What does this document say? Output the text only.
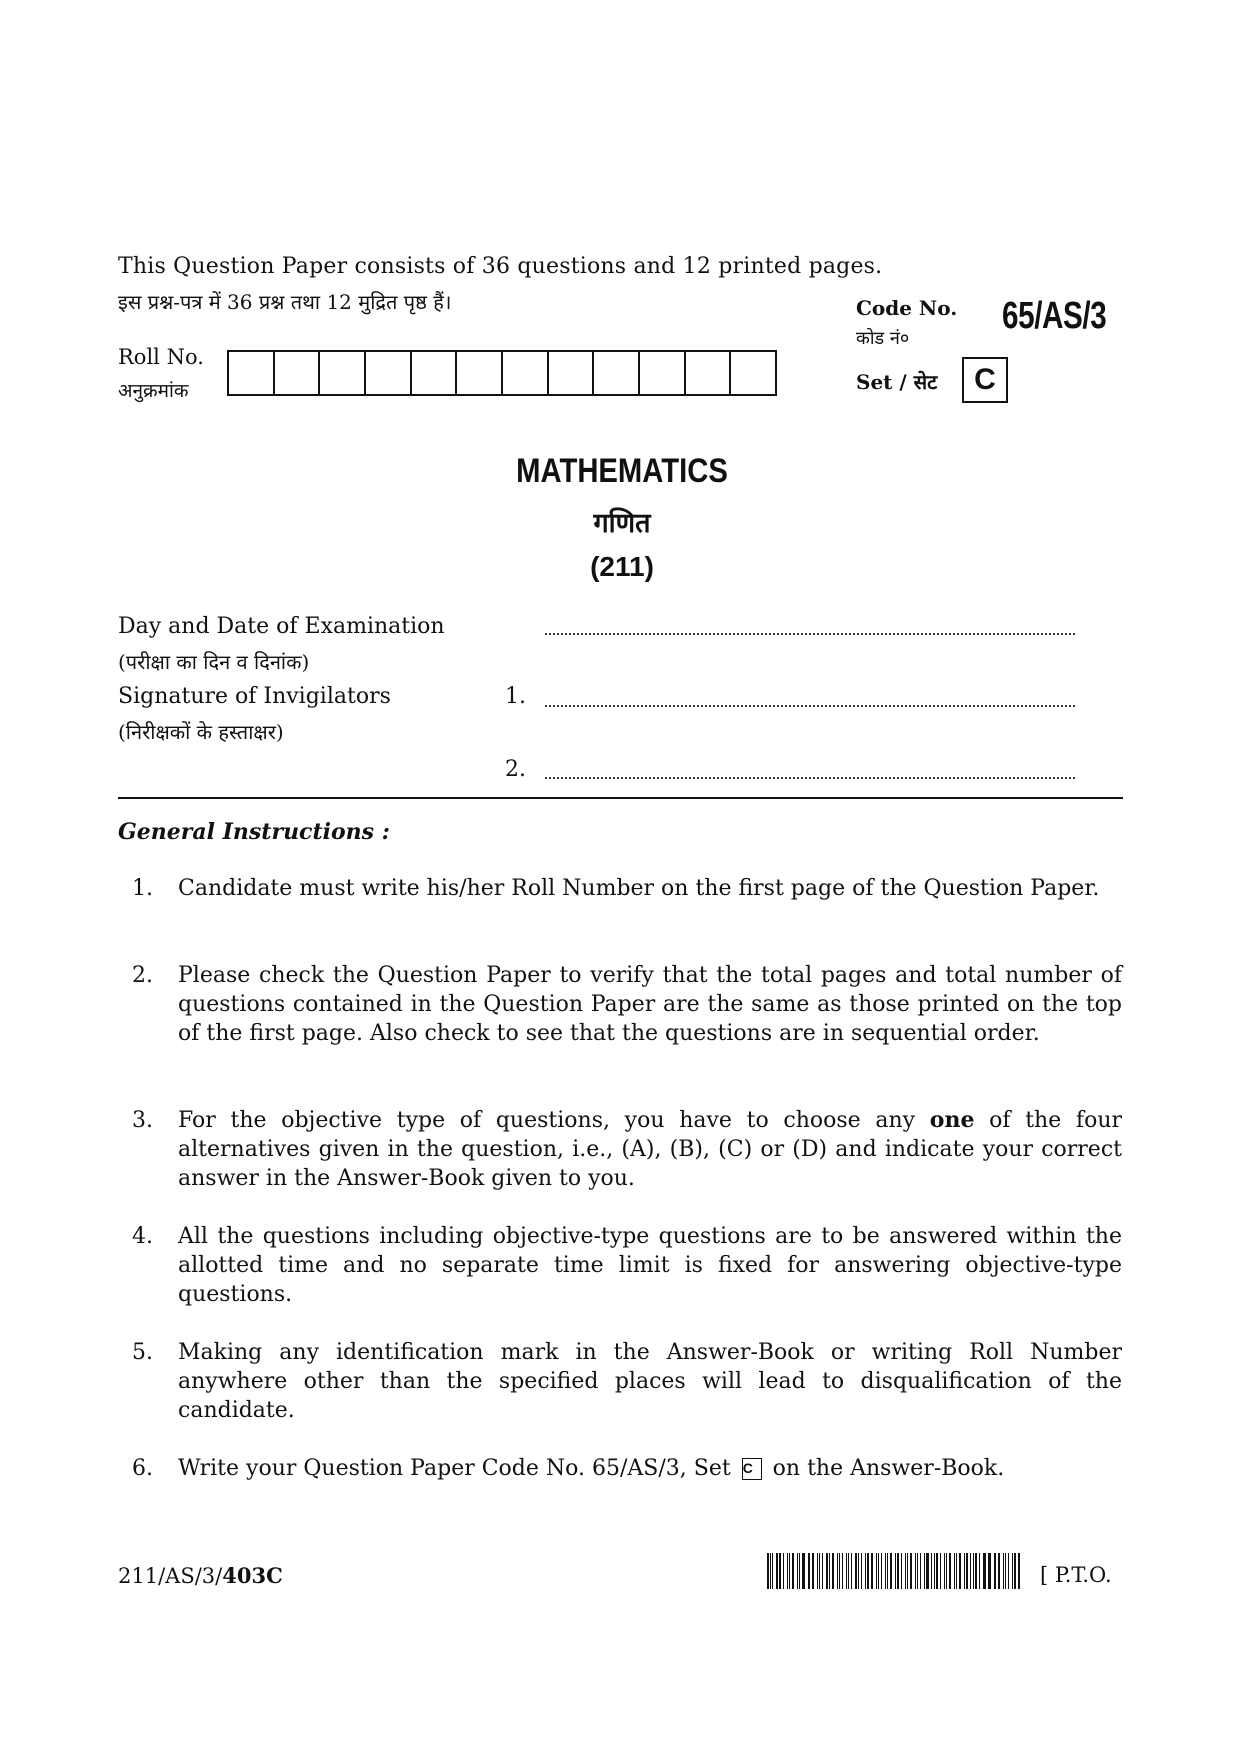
This Question Paper consists of 36 questions and 12 printed pages.
इस प्रश्न-पत्र में 36 प्रश्न तथा 12 मुद्रित पृष्ठ हैं।
Roll No.
अनुक्रमांक
Code No.
कोड नं०
65/AS/3
Set / सेट	C
MATHEMATICS
गणित
(211)
Day and Date of Examination
(परीक्षा का दिन व दिनांक)
Signature of Invigilators
(निरीक्षकों के हस्ताक्षर)
1.
2.
General Instructions :
1. Candidate must write his/her Roll Number on the first page of the Question Paper.
2. Please check the Question Paper to verify that the total pages and total number of questions contained in the Question Paper are the same as those printed on the top of the first page. Also check to see that the questions are in sequential order.
3. For the objective type of questions, you have to choose any one of the four alternatives given in the question, i.e., (A), (B), (C) or (D) and indicate your correct answer in the Answer-Book given to you.
4. All the questions including objective-type questions are to be answered within the allotted time and no separate time limit is fixed for answering objective-type questions.
5. Making any identification mark in the Answer-Book or writing Roll Number anywhere other than the specified places will lead to disqualification of the candidate.
6. Write your Question Paper Code No. 65/AS/3, Set C on the Answer-Book.
211/AS/3/403C	[ P.T.O.
